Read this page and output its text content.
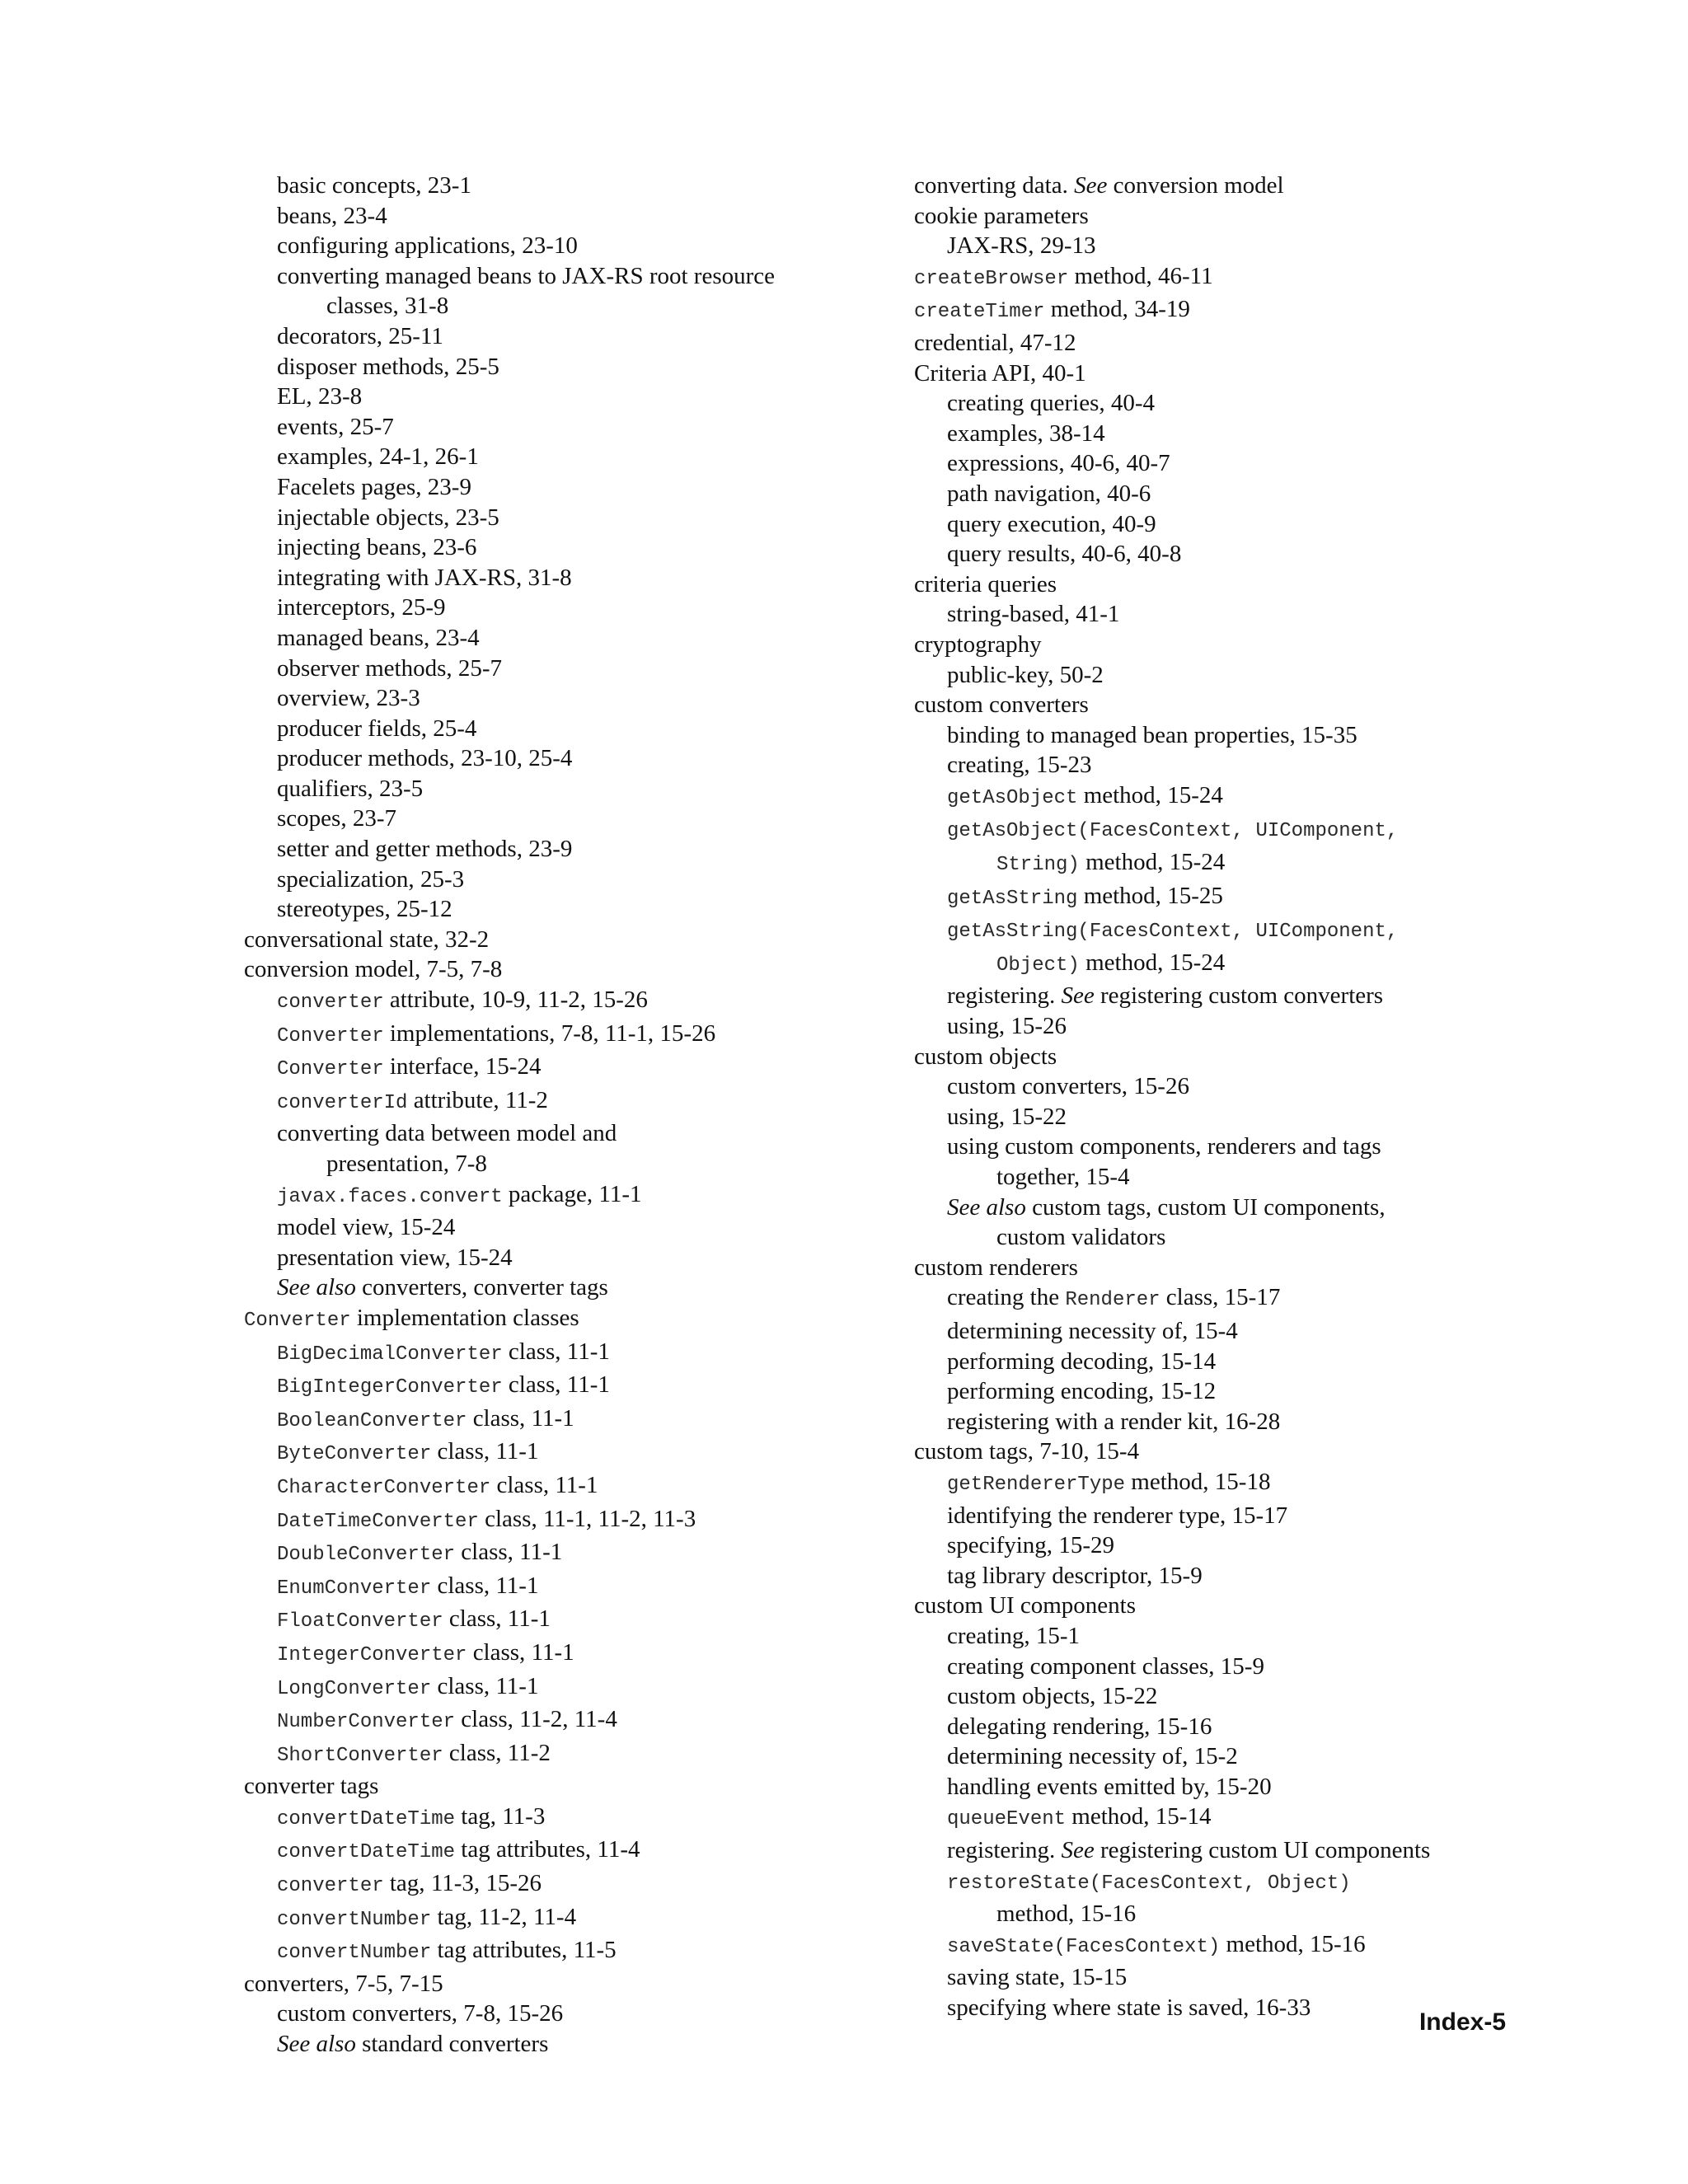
basic concepts, 23-1
beans, 23-4
configuring applications, 23-10
converting managed beans to JAX-RS root resource
classes, 31-8
decorators, 25-11
disposer methods, 25-5
EL, 23-8
events, 25-7
examples, 24-1, 26-1
Facelets pages, 23-9
injectable objects, 23-5
injecting beans, 23-6
integrating with JAX-RS, 31-8
interceptors, 25-9
managed beans, 23-4
observer methods, 25-7
overview, 23-3
producer fields, 25-4
producer methods, 23-10, 25-4
qualifiers, 23-5
scopes, 23-7
setter and getter methods, 23-9
specialization, 25-3
stereotypes, 25-12
conversational state, 32-2
conversion model, 7-5, 7-8
converter attribute, 10-9, 11-2, 15-26
Converter implementations, 7-8, 11-1, 15-26
Converter interface, 15-24
converterId attribute, 11-2
converting data between model and
presentation, 7-8
javax.faces.convert package, 11-1
model view, 15-24
presentation view, 15-24
See also converters, converter tags
Converter implementation classes
BigDecimalConverter class, 11-1
BigIntegerConverter class, 11-1
BooleanConverter class, 11-1
ByteConverter class, 11-1
CharacterConverter class, 11-1
DateTimeConverter class, 11-1, 11-2, 11-3
DoubleConverter class, 11-1
EnumConverter class, 11-1
FloatConverter class, 11-1
IntegerConverter class, 11-1
LongConverter class, 11-1
NumberConverter class, 11-2, 11-4
ShortConverter class, 11-2
converter tags
convertDateTime tag, 11-3
convertDateTime tag attributes, 11-4
converter tag, 11-3, 15-26
convertNumber tag, 11-2, 11-4
convertNumber tag attributes, 11-5
converters, 7-5, 7-15
custom converters, 7-8, 15-26
See also standard converters
converting data. See conversion model
cookie parameters
JAX-RS, 29-13
createBrowser method, 46-11
createTimer method, 34-19
credential, 47-12
Criteria API, 40-1
creating queries, 40-4
examples, 38-14
expressions, 40-6, 40-7
path navigation, 40-6
query execution, 40-9
query results, 40-6, 40-8
criteria queries
string-based, 41-1
cryptography
public-key, 50-2
custom converters
binding to managed bean properties, 15-35
creating, 15-23
getAsObject method, 15-24
getAsObject(FacesContext, UIComponent,
String) method, 15-24
getAsString method, 15-25
getAsString(FacesContext, UIComponent,
Object) method, 15-24
registering. See registering custom converters
using, 15-26
custom objects
custom converters, 15-26
using, 15-22
using custom components, renderers and tags
together, 15-4
See also custom tags, custom UI components,
custom validators
custom renderers
creating the Renderer class, 15-17
determining necessity of, 15-4
performing decoding, 15-14
performing encoding, 15-12
registering with a render kit, 16-28
custom tags, 7-10, 15-4
getRendererType method, 15-18
identifying the renderer type, 15-17
specifying, 15-29
tag library descriptor, 15-9
custom UI components
creating, 15-1
creating component classes, 15-9
custom objects, 15-22
delegating rendering, 15-16
determining necessity of, 15-2
handling events emitted by, 15-20
queueEvent method, 15-14
registering. See registering custom UI components
restoreState(FacesContext, Object)
method, 15-16
saveState(FacesContext) method, 15-16
saving state, 15-15
specifying where state is saved, 16-33
Index-5
